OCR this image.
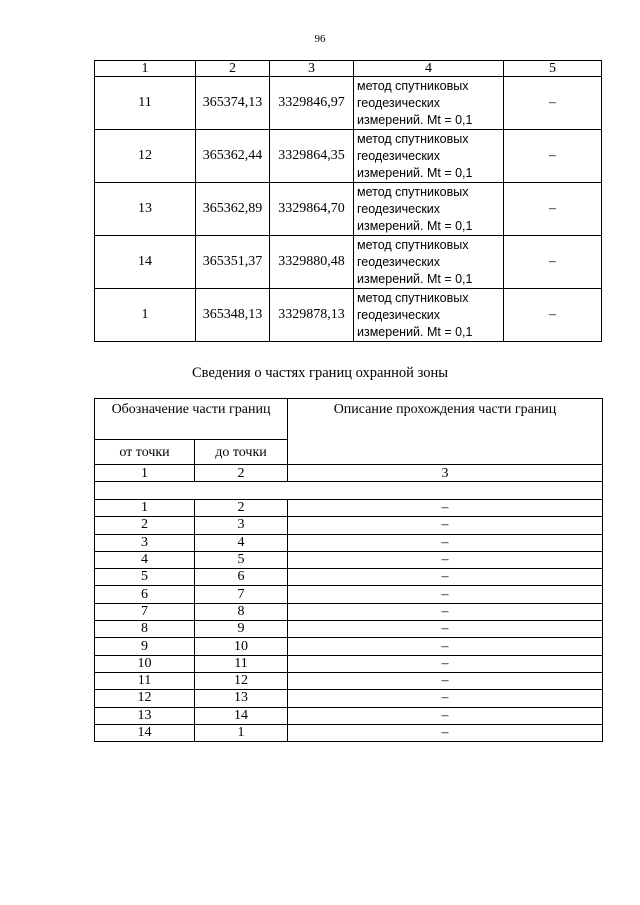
96
1	2	3	4	5
11	365374,13	3329846,97	метод спутниковых
геодезических
измерений. Mt = 0,1	–
12	365362,44	3329864,35	метод спутниковых
геодезических
измерений. Mt = 0,1	–
13	365362,89	3329864,70	метод спутниковых
геодезических
измерений. Mt = 0,1	–
14	365351,37	3329880,48	метод спутниковых
геодезических
измерений. Mt = 0,1	–
1	365348,13	3329878,13	метод спутниковых
геодезических
измерений. Mt = 0,1	–
Сведения о частях границ охранной зоны
Обозначение части границ		Описание прохождения части границ
от точки	до точки	
1	2	3

1	2	–
2	3	–
3	4	–
4	5	–
5	6	–
6	7	–
7	8	–
8	9	–
9	10	–
10	11	–
11	12	–
12	13	–
13	14	–
14	1	–
